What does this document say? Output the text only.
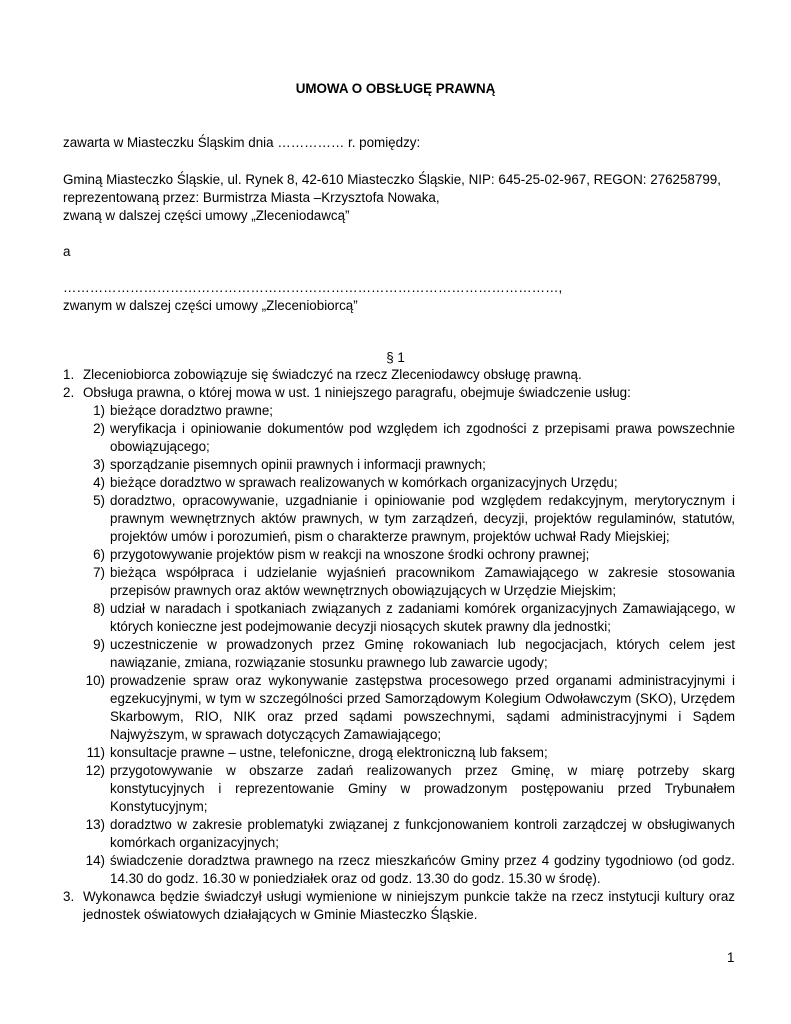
UMOWA O OBSŁUGĘ PRAWNĄ
zawarta w Miasteczku Śląskim dnia …………… r. pomiędzy:
Gminą Miasteczko Śląskie, ul. Rynek 8, 42-610 Miasteczko Śląskie, NIP: 645-25-02-967, REGON: 276258799,
reprezentowaną przez: Burmistrza Miasta –Krzysztofa Nowaka,
zwaną w dalszej części umowy „Zleceniodawcą”
a
…………………………………………………………………………………………………,
zwanym w dalszej części umowy „Zleceniobiorcą”
§ 1
1. Zleceniobiorca zobowiązuje się świadczyć na rzecz Zleceniodawcy obsługę prawną.
2. Obsługa prawna, o której mowa w ust. 1 niniejszego paragrafu, obejmuje świadczenie usług:
1) bieżące doradztwo prawne;
2) weryfikacja i opiniowanie dokumentów pod względem ich zgodności z przepisami prawa powszechnie obowiązującego;
3) sporządzanie pisemnych opinii prawnych i informacji prawnych;
4) bieżące doradztwo w sprawach realizowanych w komórkach organizacyjnych Urzędu;
5) doradztwo, opracowywanie, uzgadnianie i opiniowanie pod względem redakcyjnym, merytorycznym i prawnym wewnętrznych aktów prawnych, w tym zarządzeń, decyzji, projektów regulaminów, statutów, projektów umów i porozumień, pism o charakterze prawnym, projektów uchwał Rady Miejskiej;
6) przygotowywanie projektów pism w reakcji na wnoszone środki ochrony prawnej;
7) bieżąca współpraca i udzielanie wyjaśnień pracownikom Zamawiającego w zakresie stosowania przepisów prawnych oraz aktów wewnętrznych obowiązujących w Urzędzie Miejskim;
8) udział w naradach i spotkaniach związanych z zadaniami komórek organizacyjnych Zamawiającego, w których konieczne jest podejmowanie decyzji niosących skutek prawny dla jednostki;
9) uczestniczenie w prowadzonych przez Gminę rokowaniach lub negocjacjach, których celem jest nawiązanie, zmiana, rozwiązanie stosunku prawnego lub zawarcie ugody;
10) prowadzenie spraw oraz wykonywanie zastępstwa procesowego przed organami administracyjnymi i egzekucyjnymi, w tym w szczególności przed Samorządowym Kolegium Odwoławczym (SKO), Urzędem Skarbowym, RIO, NIK oraz przed sądami powszechnymi, sądami administracyjnymi i Sądem Najwyższym, w sprawach dotyczących Zamawiającego;
11) konsultacje prawne – ustne, telefoniczne, drogą elektroniczną lub faksem;
12) przygotowywanie w obszarze zadań realizowanych przez Gminę, w miarę potrzeby skarg konstytucyjnych i reprezentowanie Gminy w prowadzonym postępowaniu przed Trybunałem Konstytucyjnym;
13) doradztwo w zakresie problematyki związanej z funkcjonowaniem kontroli zarządczej w obsługiwanych komórkach organizacyjnych;
14) świadczenie doradztwa prawnego na rzecz mieszkańców Gminy przez 4 godziny tygodniowo (od godz. 14.30 do godz. 16.30 w poniedziałek oraz od godz. 13.30 do godz. 15.30 w środę).
3. Wykonawca będzie świadczył usługi wymienione w niniejszym punkcie także na rzecz instytucji kultury oraz jednostek oświatowych działających w Gminie Miasteczko Śląskie.
1
